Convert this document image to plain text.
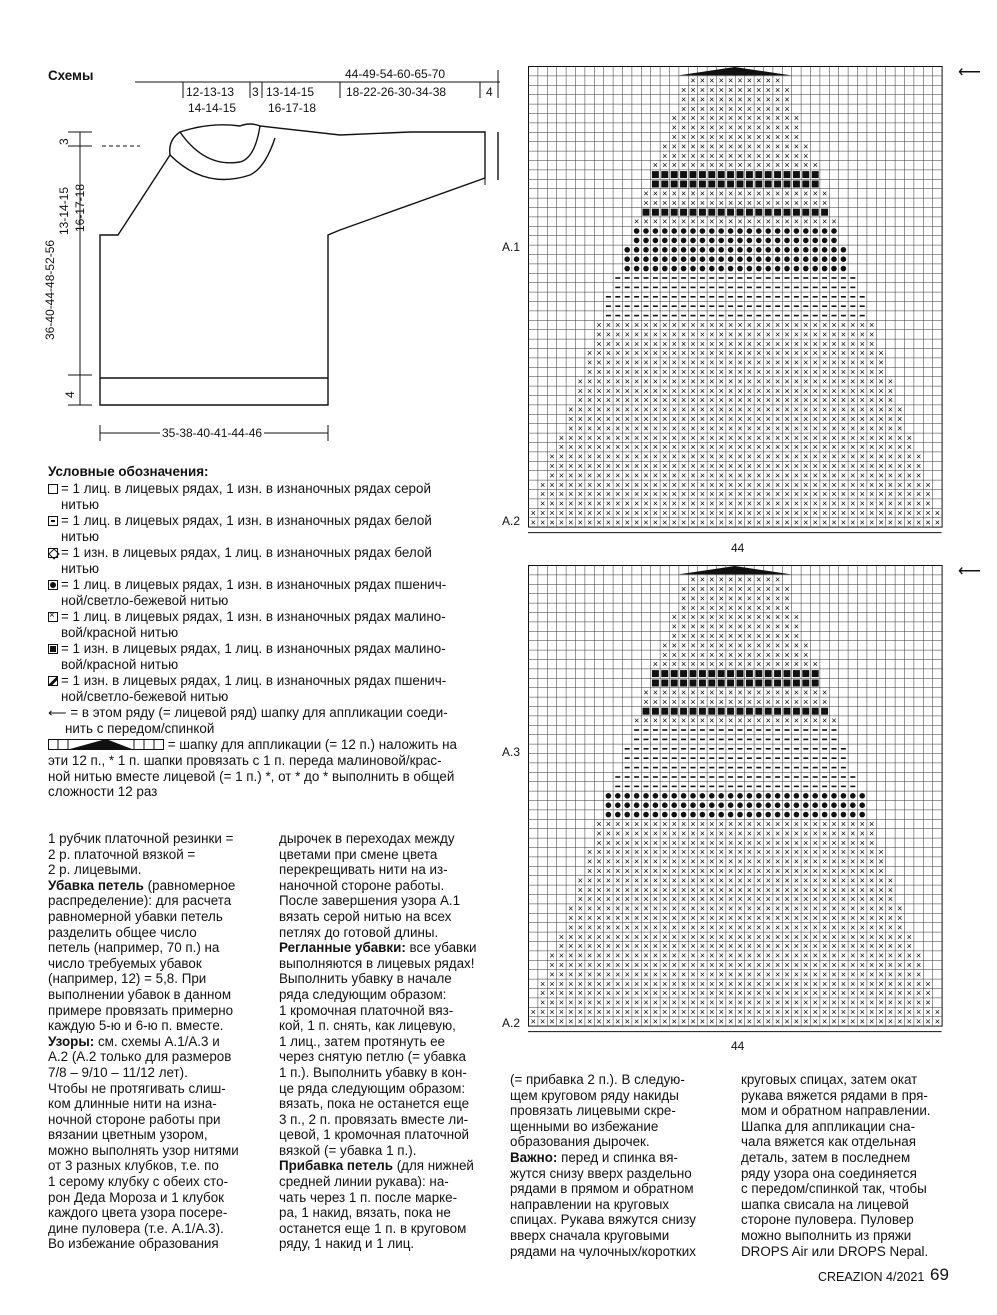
Схемы	44-49-54-60-65-70
12-13-13
14-14-15
3 13-14-15
16-17-18
18-22-26-30-34-38	4
3
13-14-15 16-17-18
36-40-44-48-52-56
4
35-38-40-41-44-46
Условные обозначения:
= 1 лиц. в лицевых рядах, 1 изн. в изнаночных рядах серой
нитью
= 1 лиц. в лицевых рядах, 1 изн. в изнаночных рядах белой
нитью
= 1 изн. в лицевых рядах, 1 лиц. в изнаночных рядах белой
нитью
= 1 лиц. в лицевых рядах, 1 изн. в изнаночных рядах пшенич-
ной/светло-бежевой нитью
× = 1 лиц. в лицевых рядах, 1 изн. в изнаночных рядах малино-
вой/красной нитью
= 1 изн. в лицевых рядах, 1 лиц. в изнаночных рядах малино-
вой/красной нитью
= 1 изн. в лицевых рядах, 1 лиц. в изнаночных рядах пшенич-
ной/светло-бежевой нитью
⟵ = в этом ряду (= лицевой ряд) шапку для аппликации соеди-
нить с передом/спинкой
= шапку для аппликации (= 12 п.) наложить на
эти 12 п., * 1 п. шапки провязать с 1 п. переда малиновой/крас-
ной нитью вместе лицевой (= 1 п.) *, от * до * выполнить в общей
сложности 12 раз
× × × × × × × × × ×
× × × × × × × × × × × ×
× × × × × × × × × × × ×
× × × × × × × × × × × ×
× × × × × × × × × × × × × ×
× × × × × × × × × × × × × ×
× × × × × × × × × × × × × ×
× × × × × × × × × × × × × × × ×
× × × × × × × × × × × × × × × ×
× × × × × × × × × × × × × × × × × ×
× × × × × × × × × × × × × × × × × × × ×
× × × × × × × × × × × × × × × × × × × ×
× × × × × × × × × × × × × × × × × × × × × ×
× × × × × × × × × × × × × × × × × × × × × × × × × × × × × ×
× × × × × × × × × × × × × × × × × × × × × × × × × × × × × ×
× × × × × × × × × × × × × × × × × × × × × × × × × × × × × ×
× × × × × × × × × × × × × × × × × × × × × × × × × × × × × × × ×
× × × × × × × × × × × × × × × × × × × × × × × × × × × × × × × ×
× × × × × × × × × × × × × × × × × × × × × × × × × × × × × × × ×
× × × × × × × × × × × × × × × × × × × × × × × × × × × × × × × × × ×
× × × × × × × × × × × × × × × × × × × × × × × × × × × × × × × × × ×
× × × × × × × × × × × × × × × × × × × × × × × × × × × × × × × × × ×
× × × × × × × × × × × × × × × × × × × × × × × × × × × × × × × × × × × ×
× × × × × × × × × × × × × × × × × × × × × × × × × × × × × × × × × × × ×
× × × × × × × × × × × × × × × × × × × × × × × × × × × × × × × × × × × ×
× × × × × × × × × × × × × × × × × × × × × × × × × × × × × × × × × × × × × ×
× × × × × × × × × × × × × × × × × × × × × × × × × × × × × × × × × × × × × ×
× × × × × × × × × × × × × × × × × × × × × × × × × × × × × × × × × × × × × × × ×
× × × × × × × × × × × × × × × × × × × × × × × × × × × × × × × × × × × × × × × ×
× × × × × × × × × × × × × × × × × × × × × × × × × × × × × × × × × × × × × × × ×
× × × × × × × × × × × × × × × × × × × × × × × × × × × × × × × × × × × × × × × × × ×
× × × × × × × × × × × × × × × × × × × × × × × × × × × × × × × × × × × × × × × × × ×
× × × × × × × × × × × × × × × × × × × × × × × × × × × × × × × × × × × × × × × × × ×
× × × × × × × × × × × × × × × × × × × × × × × × × × × × × × × × × × × × × × × × × × × ×
× × × × × × × × × × × × × × × × × × × × × × × × × × × × × × × × × × × × × × × × × × × ×
× × × × × × × × × ×
× × × × × × × × × × × ×
× × × × × × × × × × × ×
× × × × × × × × × × × ×
× × × × × × × × × × × × × ×
× × × × × × × × × × × × × ×
× × × × × × × × × × × × × ×
× × × × × × × × × × × × × × × ×
× × × × × × × × × × × × × × × ×
× × × × × × × × × × × × × × × × × ×
× × × × × × × × × × × × × × × × × × × ×
× × × × × × × × × × × × × × × × × × × ×
× × × × × × × × × × × × × × × × × × × × × ×
× × × × × × × × × × × × × × × × × × × × × × × × × × × × × ×
× × × × × × × × × × × × × × × × × × × × × × × × × × × × × ×
× × × × × × × × × × × × × × × × × × × × × × × × × × × × × ×
× × × × × × × × × × × × × × × × × × × × × × × × × × × × × × × ×
× × × × × × × × × × × × × × × × × × × × × × × × × × × × × × × ×
× × × × × × × × × × × × × × × × × × × × × × × × × × × × × × × ×
× × × × × × × × × × × × × × × × × × × × × × × × × × × × × × × × × ×
× × × × × × × × × × × × × × × × × × × × × × × × × × × × × × × × × ×
× × × × × × × × × × × × × × × × × × × × × × × × × × × × × × × × × ×
× × × × × × × × × × × × × × × × × × × × × × × × × × × × × × × × × × × ×
× × × × × × × × × × × × × × × × × × × × × × × × × × × × × × × × × × × ×
× × × × × × × × × × × × × × × × × × × × × × × × × × × × × × × × × × × ×
× × × × × × × × × × × × × × × × × × × × × × × × × × × × × × × × × × × × × ×
× × × × × × × × × × × × × × × × × × × × × × × × × × × × × × × × × × × × × ×
× × × × × × × × × × × × × × × × × × × × × × × × × × × × × × × × × × × × × × × ×
× × × × × × × × × × × × × × × × × × × × × × × × × × × × × × × × × × × × × × × ×
× × × × × × × × × × × × × × × × × × × × × × × × × × × × × × × × × × × × × × × ×
× × × × × × × × × × × × × × × × × × × × × × × × × × × × × × × × × × × × × × × × × ×
× × × × × × × × × × × × × × × × × × × × × × × × × × × × × × × × × × × × × × × × × ×
× × × × × × × × × × × × × × × × × × × × × × × × × × × × × × × × × × × × × × × × × ×
× × × × × × × × × × × × × × × × × × × × × × × × × × × × × × × × × × × × × × × × × × × ×
× × × × × × × × × × × × × × × × × × × × × × × × × × × × × × × × × × × × × × × × × × × ×
⟵
⟵
A.1
A.2
44
A.3
A.2
44
1 рубчик платочной резинки =
2 р. платочной вязкой =
2 р. лицевыми.
Убавка петель (равномерное
распределение): для расчета
равномерной убавки петель
разделить общее число
петель (например, 70 п.) на
число требуемых убавок
(например, 12) = 5,8. При
выполнении убавок в данном
примере провязать примерно
каждую 5-ю и 6-ю п. вместе.
Узоры: см. схемы A.1/A.3 и
A.2 (A.2 только для размеров
7/8 – 9/10 – 11/12 лет).
Чтобы не протягивать слиш-
ком длинные нити на изна-
ночной стороне работы при
вязании цветным узором,
можно выполнять узор нитями
от 3 разных клубков, т.е. по
1 серому клубку с обеих сто-
рон Деда Мороза и 1 клубок
каждого цвета узора посере-
дине пуловера (т.е. A.1/A.3).
Во избежание образования
дырочек в переходах между
цветами при смене цвета
перекрещивать нити на из-
наночной стороне работы.
После завершения узора A.1
вязать серой нитью на всех
петлях до готовой длины.
Регланные убавки: все убавки
выполняются в лицевых рядах!
Выполнить убавку в начале
ряда следующим образом:
1 кромочная платочной вяз-
кой, 1 п. снять, как лицевую,
1 лиц., затем протянуть ее
через снятую петлю (= убавка
1 п.). Выполнить убавку в кон-
це ряда следующим образом:
вязать, пока не останется еще
3 п., 2 п. провязать вместе ли-
цевой, 1 кромочная платочной
вязкой (= убавка 1 п.).
Прибавка петель (для нижней
средней линии рукава): на-
чать через 1 п. после марке-
ра, 1 накид, вязать, пока не
останется еще 1 п. в круговом
ряду, 1 накид и 1 лиц.
(= прибавка 2 п.). В следую-
щем круговом ряду накиды
провязать лицевыми скре-
щенными во избежание
образования дырочек.
Важно: перед и спинка вя-
жутся снизу вверх раздельно
рядами в прямом и обратном
направлении на круговых
спицах. Рукава вяжутся снизу
вверх сначала круговыми
рядами на чулочных/коротких
круговых спицах, затем окат
рукава вяжется рядами в пря-
мом и обратном направлении.
Шапка для аппликации сна-
чала вяжется как отдельная
деталь, затем в последнем
ряду узора она соединяется
с передом/спинкой так, чтобы
шапка свисала на лицевой
стороне пуловера. Пуловер
можно выполнить из пряжи
DROPS Air или DROPS Nepal.
CREAZION 4/2021 69
